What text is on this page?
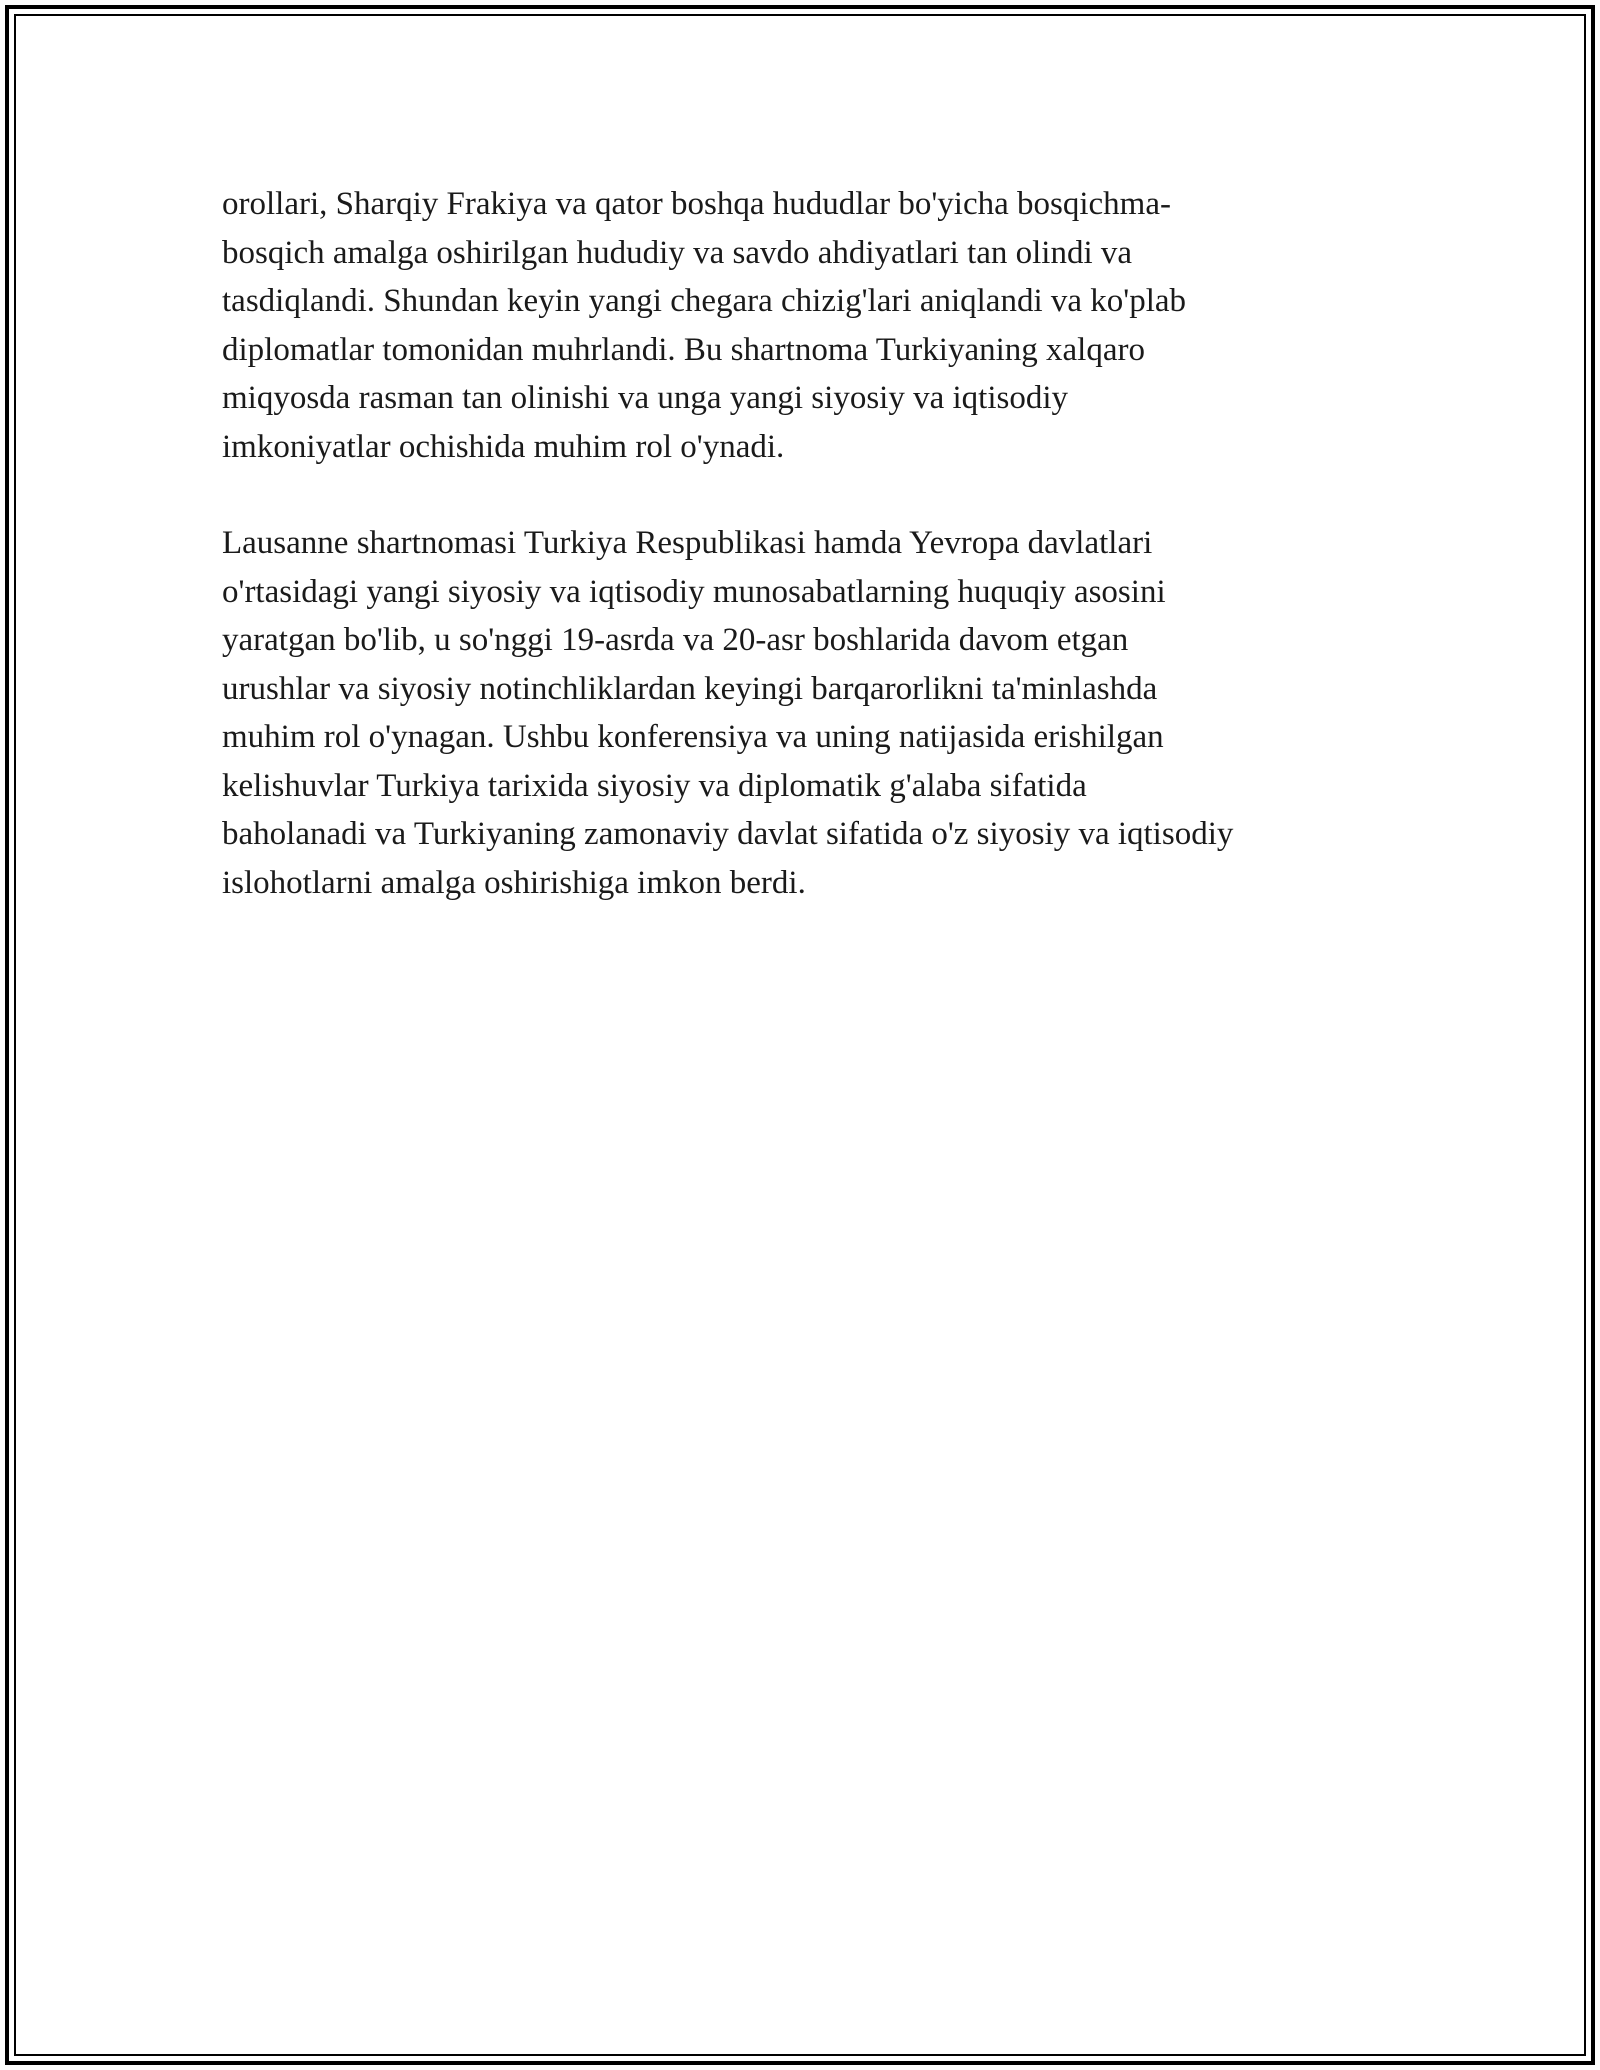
orollari, Sharqiy Frakiya va qator boshqa hududlar bo'yicha bosqichma-
bosqich amalga oshirilgan hududiy va savdo ahdiyatlari tan olindi va
tasdiqlandi. Shundan keyin yangi chegara chizig'lari aniqlandi va ko'plab
diplomatlar tomonidan muhrlandi. Bu shartnoma Turkiyaning xalqaro
miqyosda rasman tan olinishi va unga yangi siyosiy va iqtisodiy
imkoniyatlar ochishida muhim rol o'ynadi.

Lausanne shartnomasi Turkiya Respublikasi hamda Yevropa davlatlari
o'rtasidagi yangi siyosiy va iqtisodiy munosabatlarning huquqiy asosini
yaratgan bo'lib, u so'nggi 19-asrda va 20-asr boshlarida davom etgan
urushlar va siyosiy notinchliklardan keyingi barqarorlikni ta'minlashda
muhim rol o'ynagan. Ushbu konferensiya va uning natijasida erishilgan
kelishuvlar Turkiya tarixida siyosiy va diplomatik g'alaba sifatida
baholanadi va Turkiyaning zamonaviy davlat sifatida o'z siyosiy va iqtisodiy
islohotlarni amalga oshirishiga imkon berdi.
